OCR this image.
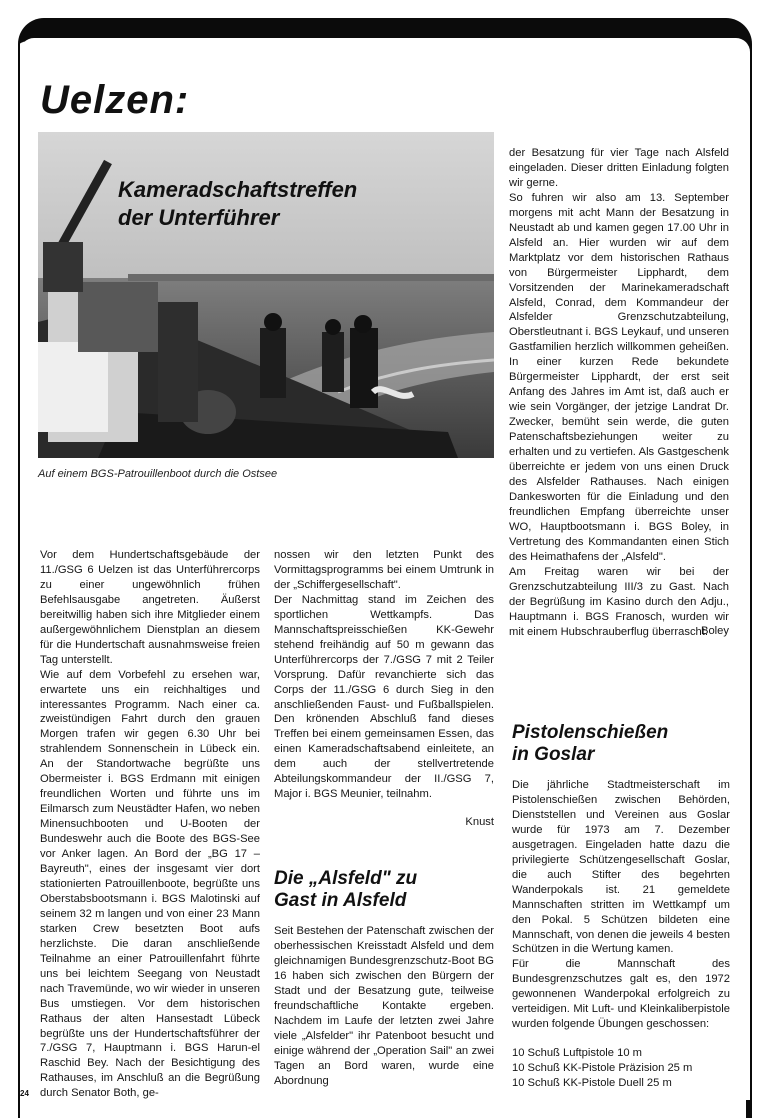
Uelzen:
Kameradschaftstreffen
der Unterführer

Auf einem BGS-Patrouillenboot durch die Ostsee

Vor dem Hundertschaftsgebäude der 11./GSG 6 Uelzen ist das Unterführercorps zu einer ungewöhnlich frühen Befehlsausgabe angetreten. Äußerst bereitwillig haben sich ihre Mitglieder einem außergewöhnlichem Dienstplan an diesem für die Hundertschaft ausnahmsweise freien Tag unterstellt.

Wie auf dem Vorbefehl zu ersehen war, erwartete uns ein reichhaltiges und interessantes Programm. Nach einer ca. zweistündigen Fahrt durch den grauen Morgen trafen wir gegen 6.30 Uhr bei strahlendem Sonnenschein in Lübeck ein. An der Standortwache begrüßte uns Obermeister i. BGS Erdmann mit einigen freundlichen Worten und führte uns im Eilmarsch zum Neustädter Hafen, wo neben Minensuchbooten und U-Booten der Bundeswehr auch die Boote des BGS-See vor Anker lagen. An Bord der „BG 17 – Bayreuth", eines der insgesamt vier dort stationierten Patrouillenboote, begrüßte uns Oberstabsbootsmann i. BGS Malotinski auf seinem 32 m langen und von einer 23 Mann starken Crew besetzten Boot aufs herzlichste. Die daran anschließende Teilnahme an einer Patrouillenfahrt führte uns bei leichtem Seegang von Neustadt nach Travemünde, wo wir wieder in unseren Bus umstiegen. Vor dem historischen Rathaus der alten Hansestadt Lübeck begrüßte uns der Hundertschaftsführer der 7./GSG 7, Hauptmann i. BGS Harun-el Raschid Bey. Nach der Besichtigung des Rathauses, im Anschluß an die Begrüßung durch Senator Both, ge-

nossen wir den letzten Punkt des Vormittagsprogramms bei einem Umtrunk in der „Schiffergesellschaft".

Der Nachmittag stand im Zeichen des sportlichen Wettkampfs. Das Mannschaftspreisschießen KK-Gewehr stehend freihändig auf 50 m gewann das Unterführercorps der 7./GSG 7 mit 2 Teiler Vorsprung. Dafür revanchierte sich das Corps der 11./GSG 6 durch Sieg in den anschließenden Faust- und Fußballspielen. Den krönenden Abschluß fand dieses Treffen bei einem gemeinsamen Essen, das einen Kameradschaftsabend einleitete, an dem auch der stellvertretende Abteilungskommandeur der II./GSG 7, Major i. BGS Meunier, teilnahm.

Knust

Die „Alsfeld" zu
Gast in Alsfeld

Seit Bestehen der Patenschaft zwischen der oberhessischen Kreisstadt Alsfeld und dem gleichnamigen Bundesgrenzschutz-Boot BG 16 haben sich zwischen den Bürgern der Stadt und der Besatzung gute, teilweise freundschaftliche Kontakte ergeben. Nachdem im Laufe der letzten zwei Jahre viele „Alsfelder" ihr Patenboot besucht und einige während der „Operation Sail" an zwei Tagen an Bord waren, wurde eine Abordnung

der Besatzung für vier Tage nach Alsfeld eingeladen. Dieser dritten Einladung folgten wir gerne.

So fuhren wir also am 13. September morgens mit acht Mann der Besatzung in Neustadt ab und kamen gegen 17.00 Uhr in Alsfeld an. Hier wurden wir auf dem Marktplatz vor dem historischen Rathaus von Bürgermeister Lipphardt, dem Vorsitzenden der Marinekameradschaft Alsfeld, Conrad, dem Kommandeur der Alsfelder Grenzschutzabteilung, Oberstleutnant i. BGS Leykauf, und unseren Gastfamilien herzlich willkommen geheißen. In einer kurzen Rede bekundete Bürgermeister Lipphardt, der erst seit Anfang des Jahres im Amt ist, daß auch er wie sein Vorgänger, der jetzige Landrat Dr. Zwecker, bemüht sein werde, die guten Patenschaftsbeziehungen weiter zu erhalten und zu vertiefen. Als Gastgeschenk überreichte er jedem von uns einen Druck des Alsfelder Rathauses. Nach einigen Dankesworten für die Einladung und den freundlichen Empfang überreichte unser WO, Hauptbootsmann i. BGS Boley, in Vertretung des Kommandanten einen Stich des Heimathafens der „Alsfeld".

Am Freitag waren wir bei der Grenzschutzabteilung III/3 zu Gast. Nach der Begrüßung im Kasino durch den Adju., Hauptmann i. BGS Franosch, wurden wir mit einem Hubschrauberflug überrascht.

Boley

Pistolenschießen
in Goslar

Die jährliche Stadtmeisterschaft im Pistolenschießen zwischen Behörden, Dienststellen und Vereinen aus Goslar wurde für 1973 am 7. Dezember ausgetragen. Eingeladen hatte dazu die privilegierte Schützengesellschaft Goslar, die auch Stifter des begehrten Wanderpokals ist. 21 gemeldete Mannschaften stritten im Wettkampf um den Pokal. 5 Schützen bildeten eine Mannschaft, von denen die jeweils 4 besten Schützen in die Wertung kamen.

Für die Mannschaft des Bundesgrenzschutzes galt es, den 1972 gewonnenen Wanderpokal erfolgreich zu verteidigen. Mit Luft- und Kleinkaliberpistole wurden folgende Übungen geschossen:

10 Schuß Luftpistole 10 m

10 Schuß KK-Pistole Präzision 25 m

10 Schuß KK-Pistole Duell 25 m

24
